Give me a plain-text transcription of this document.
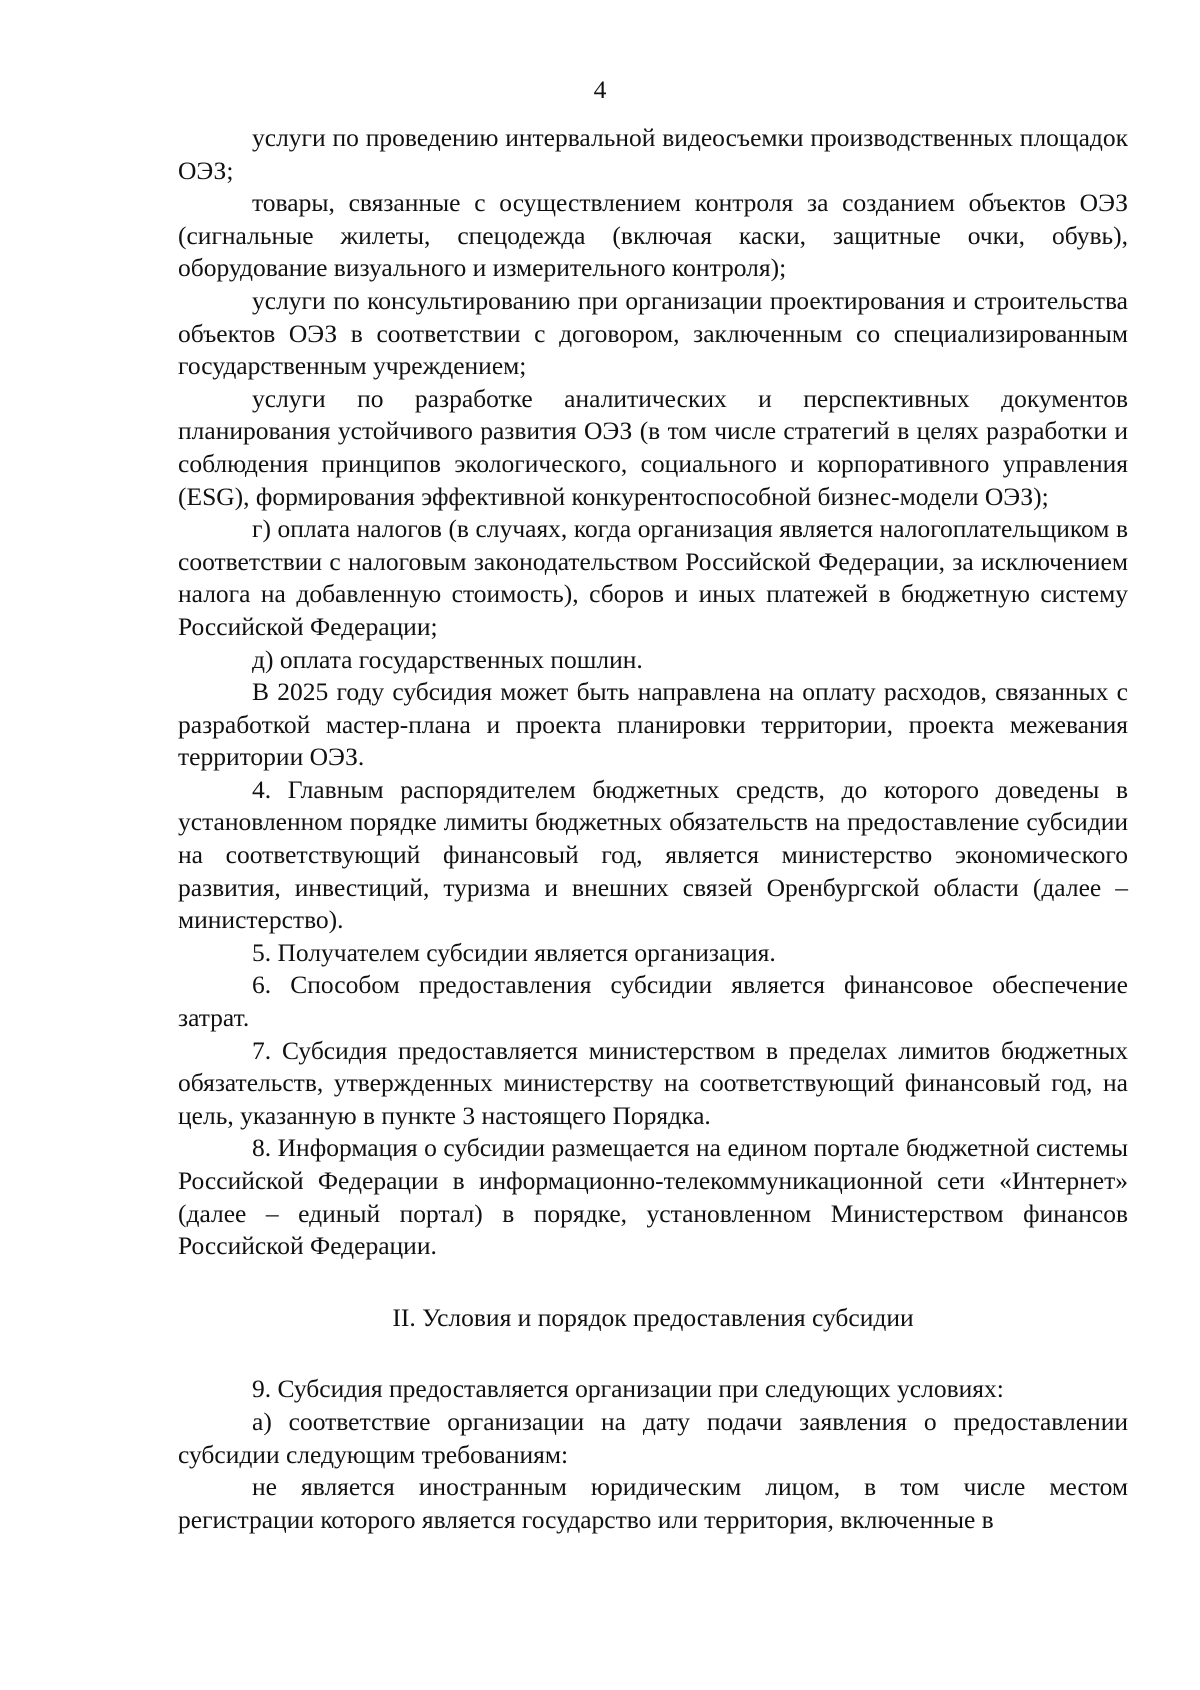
4

услуги по проведению интервальной видеосъемки производственных площадок ОЭЗ;

товары, связанные с осуществлением контроля за созданием объектов ОЭЗ (сигнальные жилеты, спецодежда (включая каски, защитные очки, обувь), оборудование визуального и измерительного контроля);

услуги по консультированию при организации проектирования и строительства объектов ОЭЗ в соответствии с договором, заключенным со специализированным государственным учреждением;

услуги по разработке аналитических и перспективных документов планирования устойчивого развития ОЭЗ (в том числе стратегий в целях разработки и соблюдения принципов экологического, социального и корпоративного управления (ESG), формирования эффективной конкурентоспособной бизнес-модели ОЭЗ);

г) оплата налогов (в случаях, когда организация является налогоплательщиком в соответствии с налоговым законодательством Российской Федерации, за исключением налога на добавленную стоимость), сборов и иных платежей в бюджетную систему Российской Федерации;

д) оплата государственных пошлин.

В 2025 году субсидия может быть направлена на оплату расходов, связанных с разработкой мастер-плана и проекта планировки территории, проекта межевания территории ОЭЗ.

4. Главным распорядителем бюджетных средств, до которого доведены в установленном порядке лимиты бюджетных обязательств на предоставление субсидии на соответствующий финансовый год, является министерство экономического развития, инвестиций, туризма и внешних связей Оренбургской области (далее – министерство).

5. Получателем субсидии является организация.

6. Способом предоставления субсидии является финансовое обеспечение затрат.

7. Субсидия предоставляется министерством в пределах лимитов бюджетных обязательств, утвержденных министерству на соответствующий финансовый год, на цель, указанную в пункте 3 настоящего Порядка.

8. Информация о субсидии размещается на едином портале бюджетной системы Российской Федерации в информационно-телекоммуникационной сети «Интернет» (далее – единый портал) в порядке, установленном Министерством финансов Российской Федерации.

II. Условия и порядок предоставления субсидии

9. Субсидия предоставляется организации при следующих условиях:

а) соответствие организации на дату подачи заявления о предоставлении субсидии следующим требованиям:

не является иностранным юридическим лицом, в том числе местом регистрации которого является государство или территория, включенные в
